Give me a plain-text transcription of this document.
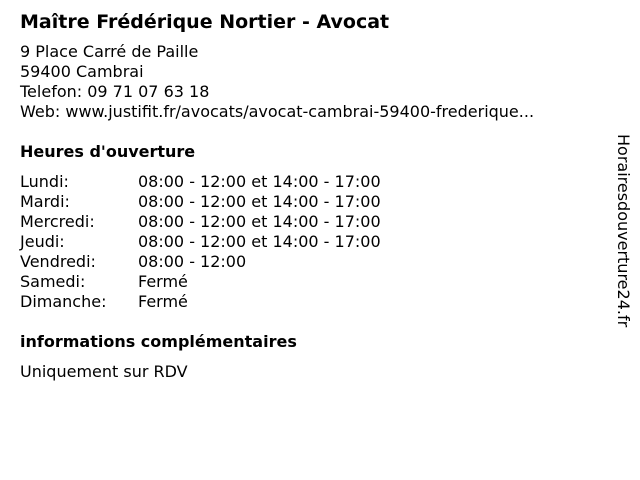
Maître Frédérique Nortier - Avocat
9 Place Carré de Paille
59400 Cambrai
Telefon: 09 71 07 63 18
Web: www.justifit.fr/avocats/avocat-cambrai-59400-frederique...
Heures d'ouverture
Lundi:	08:00 - 12:00 et 14:00 - 17:00
Mardi:	08:00 - 12:00 et 14:00 - 17:00
Mercredi:	08:00 - 12:00 et 14:00 - 17:00
Jeudi:	08:00 - 12:00 et 14:00 - 17:00
Vendredi:	08:00 - 12:00
Samedi:	Fermé
Dimanche:	Fermé
informations complémentaires
Uniquement sur RDV
Horairesdouverture24.fr
